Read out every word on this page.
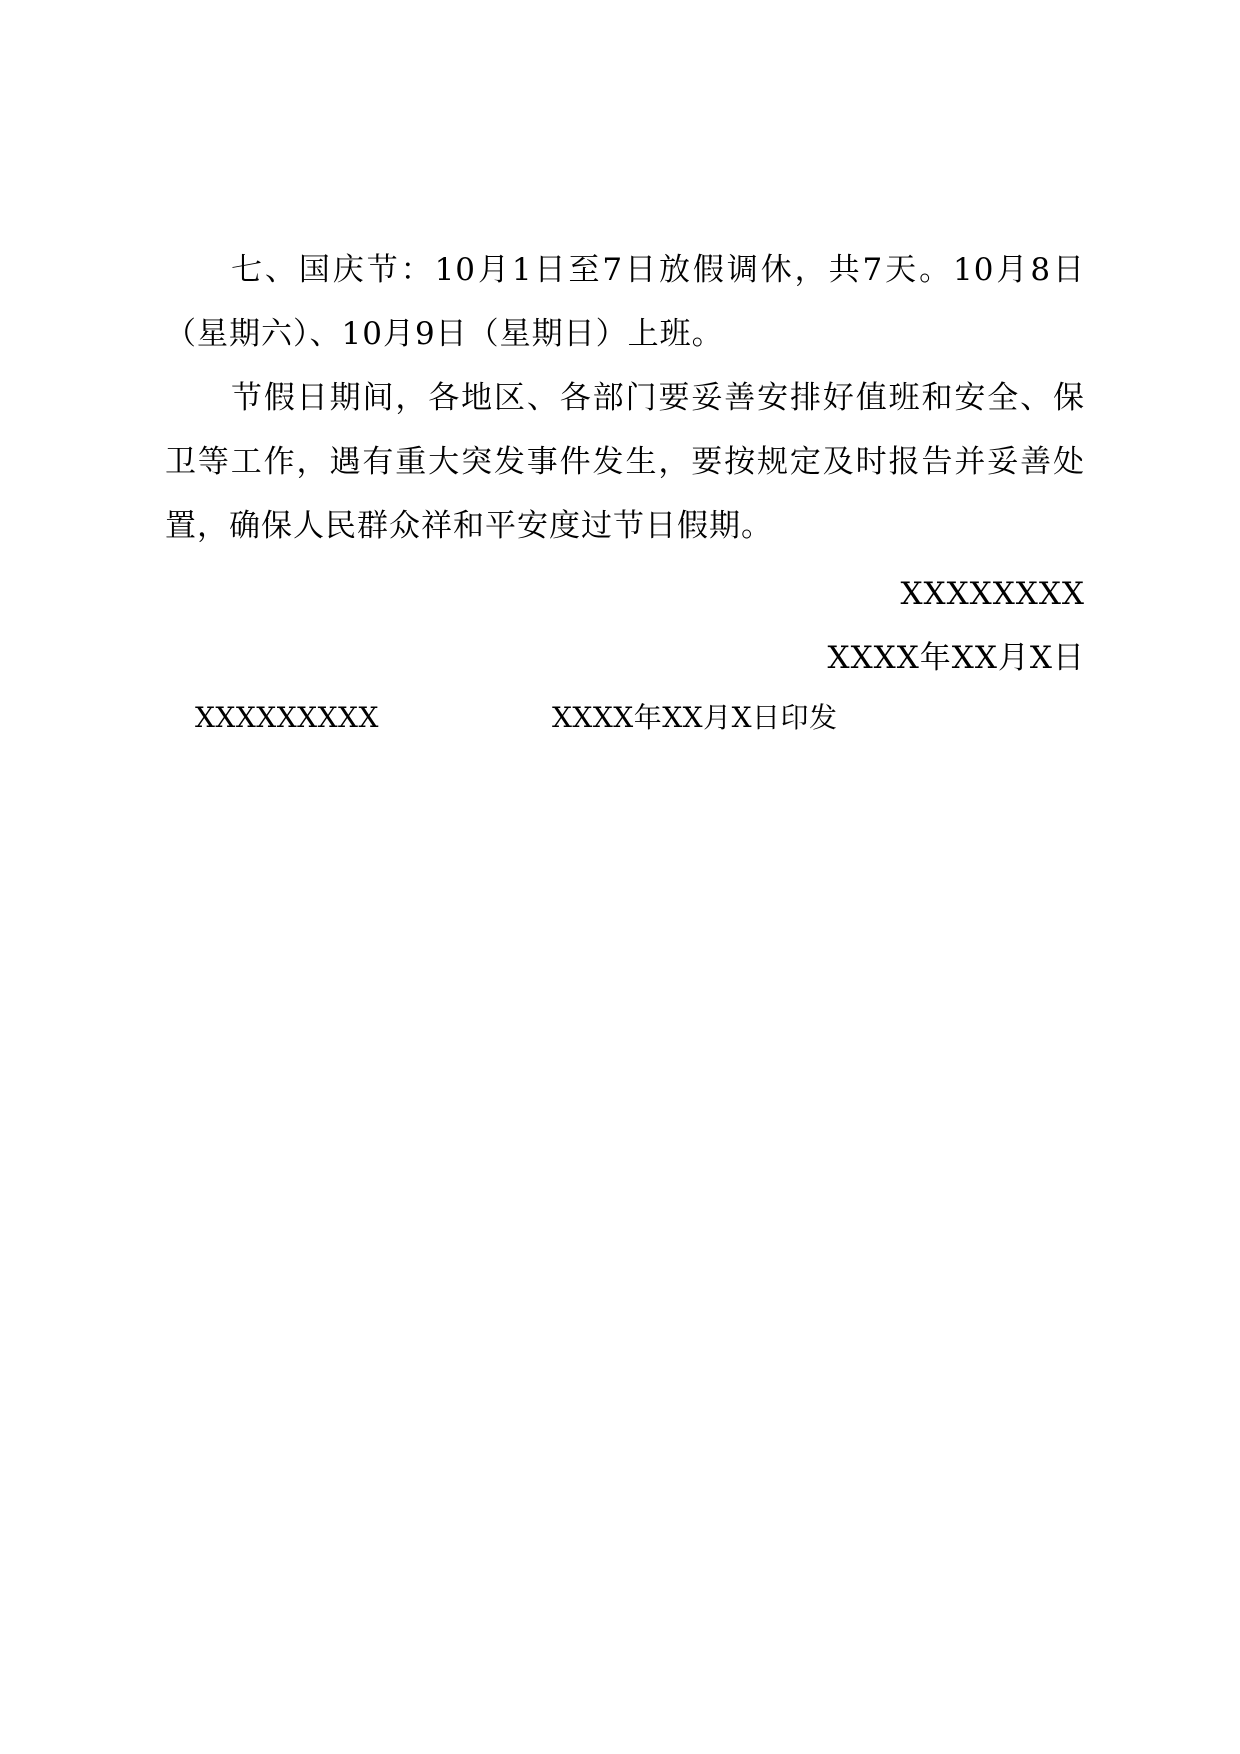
七、国庆节：10月1日至7日放假调休，共7天。10月8日（星期六）、10月9日（星期日）上班。

节假日期间，各地区、各部门要妥善安排好值班和安全、保卫等工作，遇有重大突发事件发生，要按规定及时报告并妥善处置，确保人民群众祥和平安度过节日假期。

XXXXXXXX

XXXX年XX月X日

XXXXXXXXX	XXXX年XX月X日印发
